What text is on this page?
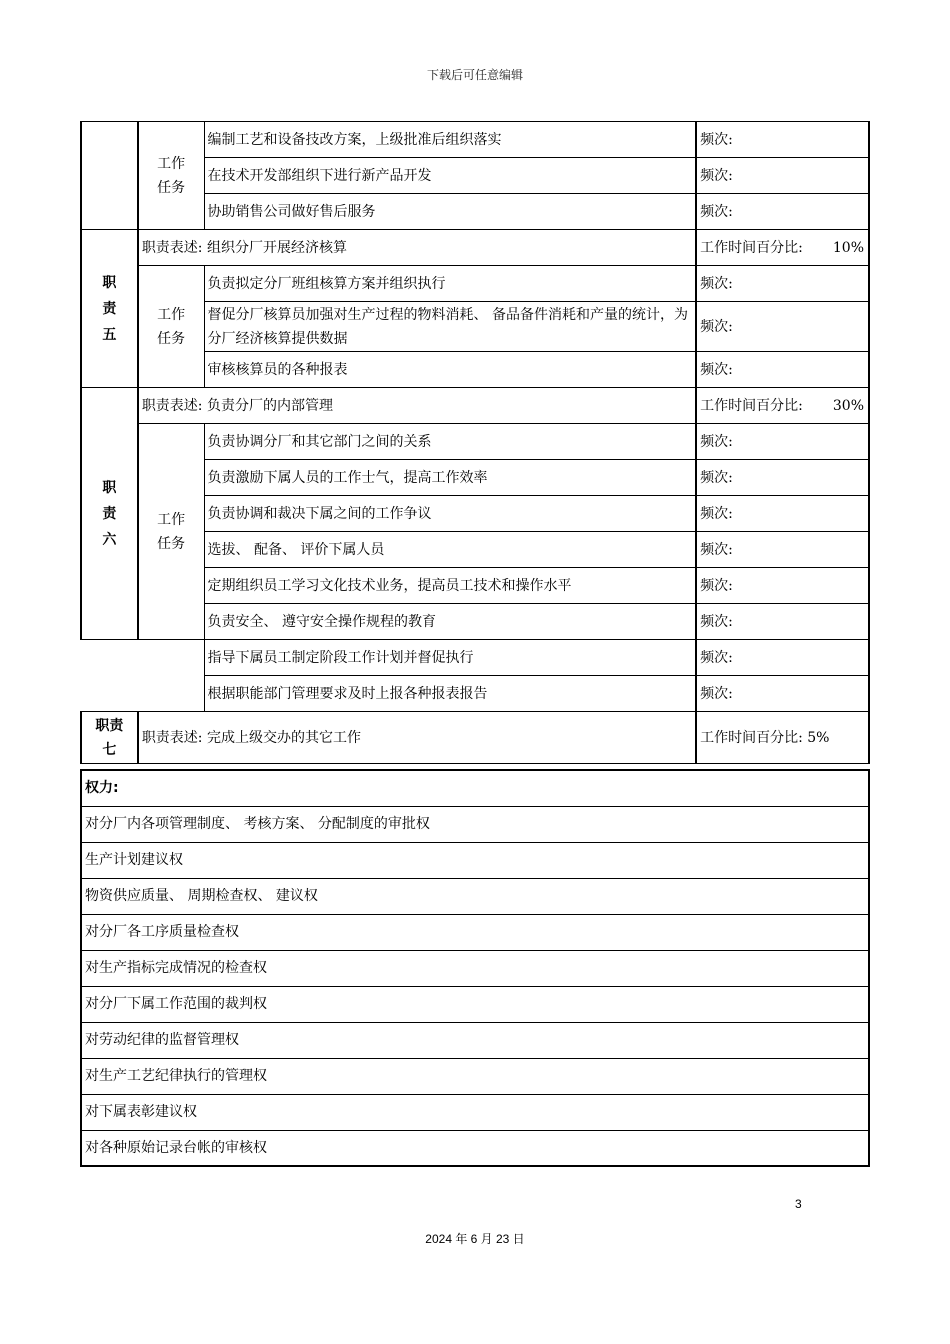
下载后可任意编辑
	工作任务	编制工艺和设备技改方案，上级批准后组织落实	频次:
		在技术开发部组织下进行新产品开发	频次:
		协助销售公司做好售后服务	频次:
职责五	职责表述: 组织分厂开展经济核算		工作时间百分比: 10%

	工作任务	负责拟定分厂班组核算方案并组织执行	频次:
		督促分厂核算员加强对生产过程的物料消耗、 备品备件消耗和产量的统计，为分厂经济核算提供数据	频次:
		审核核算员的各种报表	频次:
职责六	职责表述: 负责分厂的内部管理		工作时间百分比: 30%

	工作任务	负责协调分厂和其它部门之间的关系	频次:
		负责激励下属人员的工作士气，提高工作效率	频次:
		负责协调和裁决下属之间的工作争议	频次:
		选拔、 配备、 评价下属人员	频次:
		定期组织员工学习文化技术业务，提高员工技术和操作水平	频次:
		负责安全、 遵守安全操作规程的教育	频次:
		指导下属员工制定阶段工作计划并督促执行	频次:
		根据职能部门管理要求及时上报各种报表报告	频次:
职责七	职责表述: 完成上级交办的其它工作		工作时间百分比: 5%
权力:
对分厂内各项管理制度、 考核方案、 分配制度的审批权
生产计划建议权
物资供应质量、 周期检查权、 建议权
对分厂各工序质量检查权
对生产指标完成情况的检查权
对分厂下属工作范围的裁判权
对劳动纪律的监督管理权
对生产工艺纪律执行的管理权
对下属表彰建议权
对各种原始记录台帐的审核权
3
2024 年 6 月 23 日
